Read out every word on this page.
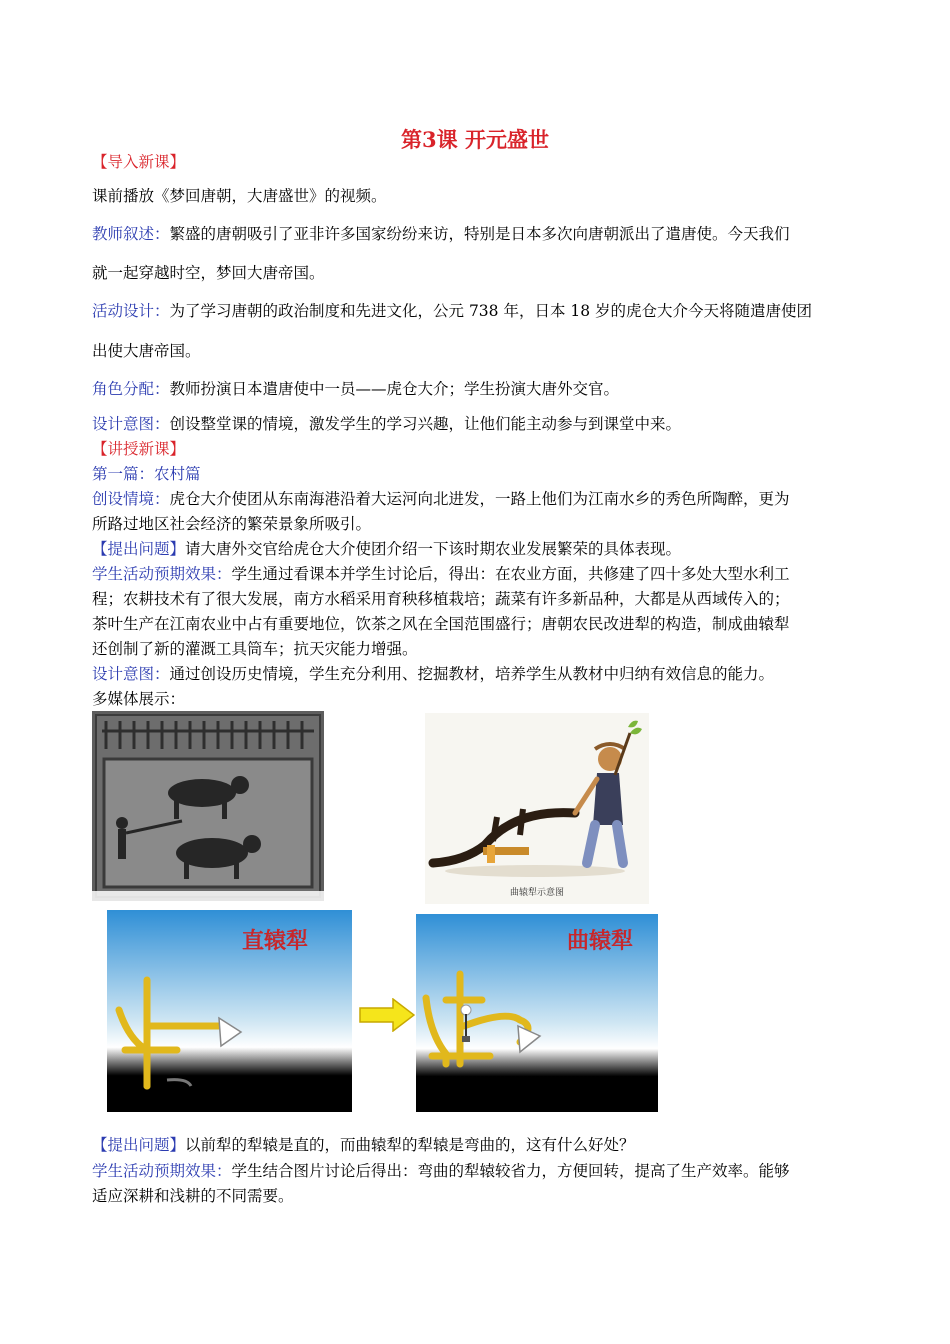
第3课 开元盛世
【导入新课】
课前播放《梦回唐朝，大唐盛世》的视频。
教师叙述：繁盛的唐朝吸引了亚非许多国家纷纷来访，特别是日本多次向唐朝派出了遣唐使。今天我们
就一起穿越时空，梦回大唐帝国。
活动设计：为了学习唐朝的政治制度和先进文化，公元 738 年，日本 18 岁的虎仓大介今天将随遣唐使团
出使大唐帝国。
角色分配：教师扮演日本遣唐使中一员——虎仓大介；学生扮演大唐外交官。
设计意图：创设整堂课的情境，激发学生的学习兴趣，让他们能主动参与到课堂中来。
【讲授新课】
第一篇：农村篇
创设情境：虎仓大介使团从东南海港沿着大运河向北进发，一路上他们为江南水乡的秀色所陶醉，更为
所路过地区社会经济的繁荣景象所吸引。
【提出问题】请大唐外交官给虎仓大介使团介绍一下该时期农业发展繁荣的具体表现。
学生活动预期效果：学生通过看课本并学生讨论后，得出：在农业方面，共修建了四十多处大型水利工
程；农耕技术有了很大发展，南方水稻采用育秧移植栽培；蔬菜有许多新品种，大都是从西域传入的；
茶叶生产在江南农业中占有重要地位，饮茶之风在全国范围盛行；唐朝农民改进犁的构造，制成曲辕犁
还创制了新的灌溉工具筒车；抗天灾能力增强。
设计意图：通过创设历史情境，学生充分利用、挖掘教材，培养学生从教材中归纳有效信息的能力。
多媒体展示：
曲辕犁示意图
直辕犁	曲辕犁
【提出问题】以前犁的犁辕是直的，而曲辕犁的犁辕是弯曲的，这有什么好处？
学生活动预期效果：学生结合图片讨论后得出：弯曲的犁辕较省力，方便回转，提高了生产效率。能够
适应深耕和浅耕的不同需要。
